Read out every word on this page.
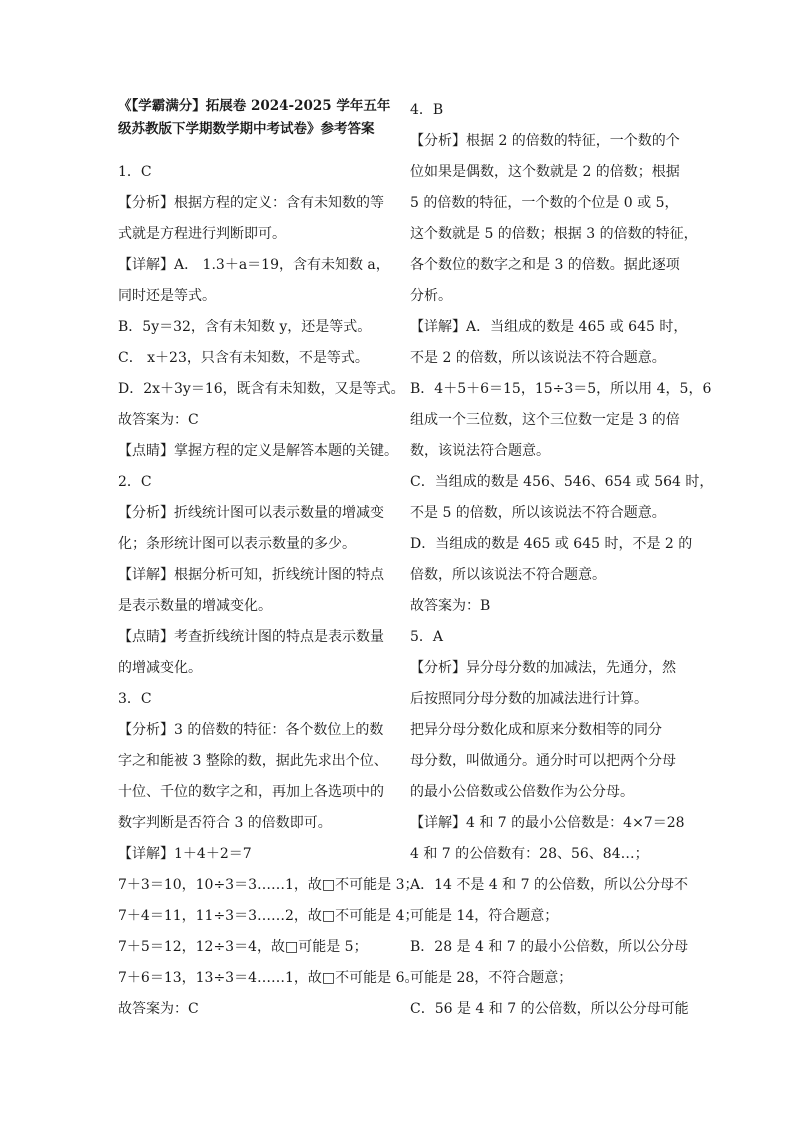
《【学霸满分】拓展卷 2024-2025 学年五年
级苏教版下学期数学期中考试卷》参考答案
1．C
【分析】根据方程的定义：含有未知数的等
式就是方程进行判断即可。
【详解】A． 1.3＋a＝19，含有未知数 a，
同时还是等式。
B．5y＝32，含有未知数 y，还是等式。
C． x＋23，只含有未知数，不是等式。
D．2x＋3y＝16，既含有未知数，又是等式。
故答案为：C
【点睛】掌握方程的定义是解答本题的关键。
2．C
【分析】折线统计图可以表示数量的增减变
化；条形统计图可以表示数量的多少。
【详解】根据分析可知，折线统计图的特点
是表示数量的增减变化。
【点睛】考查折线统计图的特点是表示数量
的增减变化。
3．C
【分析】3 的倍数的特征：各个数位上的数
字之和能被 3 整除的数，据此先求出个位、
十位、千位的数字之和，再加上各选项中的
数字判断是否符合 3 的倍数即可。
【详解】1＋4＋2＝7
7＋3＝10，10÷3＝3……1，故□不可能是 3；
7＋4＝11，11÷3＝3……2，故□不可能是 4；
7＋5＝12，12÷3＝4，故□可能是 5；
7＋6＝13，13÷3＝4……1，故□不可能是 6。
故答案为：C
4．B
【分析】根据 2 的倍数的特征，一个数的个
位如果是偶数，这个数就是 2 的倍数；根据
5 的倍数的特征，一个数的个位是 0 或 5，
这个数就是 5 的倍数；根据 3 的倍数的特征，
各个数位的数字之和是 3 的倍数。据此逐项
分析。
【详解】A．当组成的数是 465 或 645 时，
不是 2 的倍数，所以该说法不符合题意。
B．4＋5＋6＝15，15÷3＝5，所以用 4，5，6
组成一个三位数，这个三位数一定是 3 的倍
数，该说法符合题意。
C．当组成的数是 456、546、654 或 564 时，
不是 5 的倍数，所以该说法不符合题意。
D．当组成的数是 465 或 645 时，不是 2 的
倍数，所以该说法不符合题意。
故答案为：B
5．A
【分析】异分母分数的加减法，先通分，然
后按照同分母分数的加减法进行计算。
把异分母分数化成和原来分数相等的同分
母分数，叫做通分。通分时可以把两个分母
的最小公倍数或公倍数作为公分母。
【详解】4 和 7 的最小公倍数是：4×7＝28
4 和 7 的公倍数有：28、56、84…；
A．14 不是 4 和 7 的公倍数，所以公分母不
可能是 14，符合题意；
B．28 是 4 和 7 的最小公倍数，所以公分母
可能是 28，不符合题意；
C．56 是 4 和 7 的公倍数，所以公分母可能
